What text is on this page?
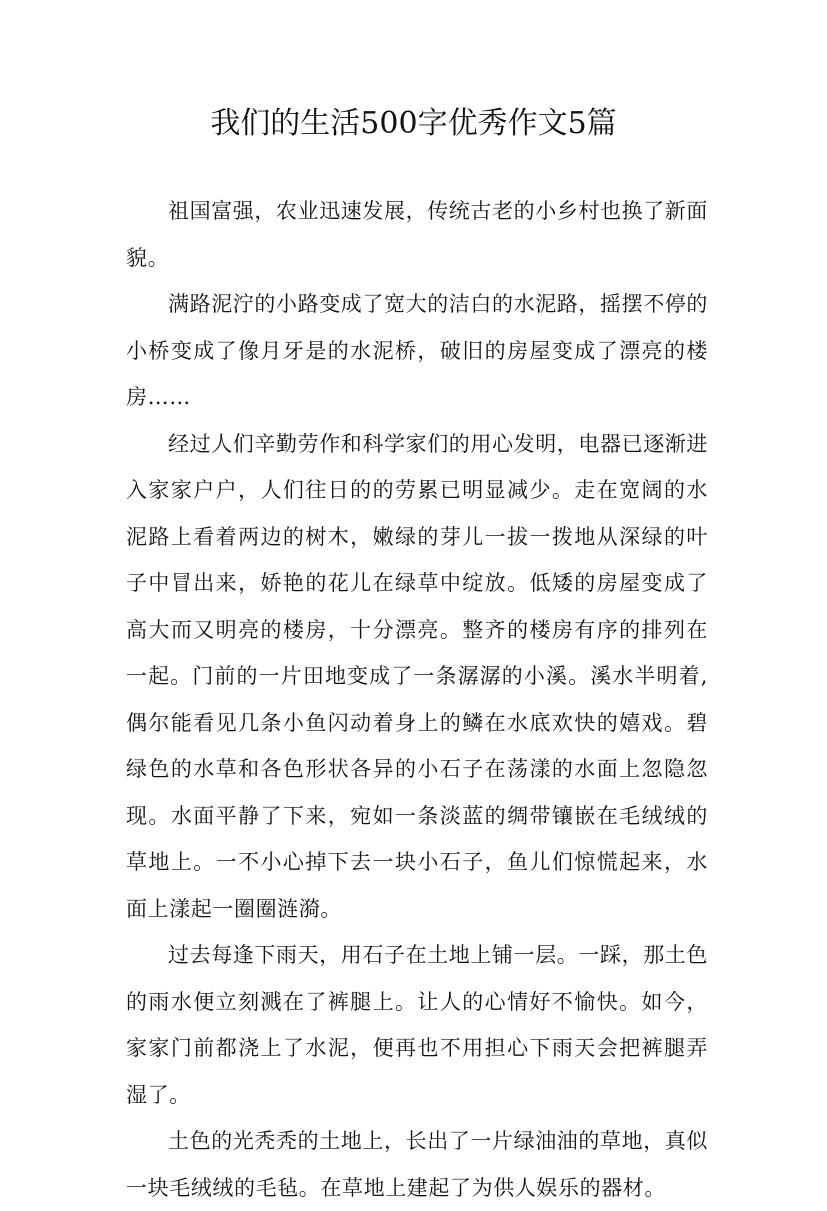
我们的生活500字优秀作文5篇

祖国富强，农业迅速发展，传统古老的小乡村也换了新面貌。

满路泥泞的小路变成了宽大的洁白的水泥路，摇摆不停的小桥变成了像月牙是的水泥桥，破旧的房屋变成了漂亮的楼房……

经过人们辛勤劳作和科学家们的用心发明，电器已逐渐进入家家户户，人们往日的的劳累已明显减少。走在宽阔的水泥路上看着两边的树木，嫩绿的芽儿一拔一拨地从深绿的叶子中冒出来，娇艳的花儿在绿草中绽放。低矮的房屋变成了高大而又明亮的楼房，十分漂亮。整齐的楼房有序的排列在一起。门前的一片田地变成了一条潺潺的小溪。溪水半明着,偶尔能看见几条小鱼闪动着身上的鳞在水底欢快的嬉戏。碧绿色的水草和各色形状各异的小石子在荡漾的水面上忽隐忽现。水面平静了下来，宛如一条淡蓝的绸带镶嵌在毛绒绒的草地上。一不小心掉下去一块小石子，鱼儿们惊慌起来，水面上漾起一圈圈涟漪。

过去每逢下雨天，用石子在土地上铺一层。一踩，那土色的雨水便立刻溅在了裤腿上。让人的心情好不愉快。如今，家家门前都浇上了水泥，便再也不用担心下雨天会把裤腿弄湿了。

土色的光秃秃的土地上，长出了一片绿油油的草地，真似一块毛绒绒的毛毡。在草地上建起了为供人娱乐的器材。
